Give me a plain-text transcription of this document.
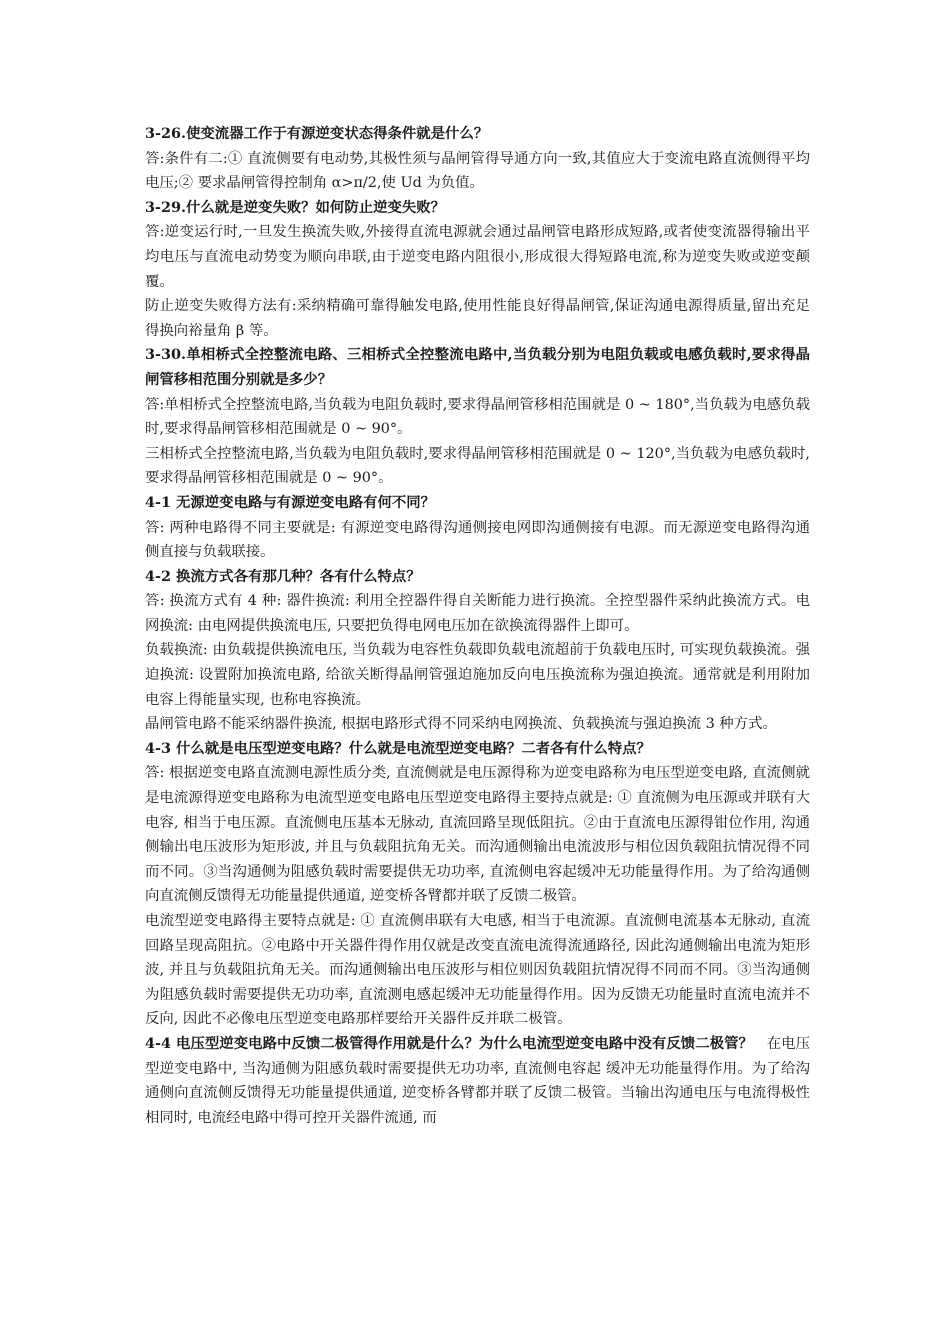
3-26.使变流器工作于有源逆变状态得条件就是什么？

答:条件有二:① 直流侧要有电动势,其极性须与晶闸管得导通方向一致,其值应大于变流电路直流侧得平均电压;② 要求晶闸管得控制角 α>π/2,使 Ud 为负值。

3-29.什么就是逆变失败？如何防止逆变失败？

答:逆变运行时,一旦发生换流失败,外接得直流电源就会通过晶闸管电路形成短路,或者使变流器得输出平均电压与直流电动势变为顺向串联,由于逆变电路内阻很小,形成很大得短路电流,称为逆变失败或逆变颠覆。

防止逆变失败得方法有:采纳精确可靠得触发电路,使用性能良好得晶闸管,保证沟通电源得质量,留出充足得换向裕量角 β 等。

3-30.单相桥式全控整流电路、三相桥式全控整流电路中,当负载分别为电阻负载或电感负载时,要求得晶闸管移相范围分别就是多少？

答:单相桥式全控整流电路,当负载为电阻负载时,要求得晶闸管移相范围就是 0 ~ 180°,当负载为电感负载时,要求得晶闸管移相范围就是 0 ~ 90°。

三相桥式全控整流电路,当负载为电阻负载时,要求得晶闸管移相范围就是 0 ~ 120°,当负载为电感负载时,要求得晶闸管移相范围就是 0 ~ 90°。

4-1 无源逆变电路与有源逆变电路有何不同？

答: 两种电路得不同主要就是: 有源逆变电路得沟通侧接电网即沟通侧接有电源。而无源逆变电路得沟通侧直接与负载联接。

4-2 换流方式各有那几种？各有什么特点？

答: 换流方式有 4 种: 器件换流: 利用全控器件得自关断能力进行换流。全控型器件采纳此换流方式。电网换流: 由电网提供换流电压, 只要把负得电网电压加在欲换流得器件上即可。

负载换流: 由负载提供换流电压, 当负载为电容性负载即负载电流超前于负载电压时, 可实现负载换流。强迫换流: 设置附加换流电路, 给欲关断得晶闸管强迫施加反向电压换流称为强迫换流。通常就是利用附加电容上得能量实现, 也称电容换流。

晶闸管电路不能采纳器件换流, 根据电路形式得不同采纳电网换流、负载换流与强迫换流 3 种方式。

4-3 什么就是电压型逆变电路？什么就是电流型逆变电路？二者各有什么特点？

答: 根据逆变电路直流测电源性质分类, 直流侧就是电压源得称为逆变电路称为电压型逆变电路, 直流侧就是电流源得逆变电路称为电流型逆变电路电压型逆变电路得主要持点就是: ① 直流侧为电压源或并联有大电容, 相当于电压源。直流侧电压基本无脉动, 直流回路呈现低阻抗。②由于直流电压源得钳位作用, 沟通侧输出电压波形为矩形波, 并且与负载阻抗角无关。而沟通侧输出电流波形与相位因负载阻抗情况得不同而不同。③当沟通侧为阻感负载时需要提供无功功率, 直流侧电容起缓冲无功能量得作用。为了给沟通侧向直流侧反馈得无功能量提供通道, 逆变桥各臂都并联了反馈二极管。

电流型逆变电路得主要特点就是: ① 直流侧串联有大电感, 相当于电流源。直流侧电流基本无脉动, 直流回路呈现高阻抗。②电路中开关器件得作用仅就是改变直流电流得流通路径, 因此沟通侧输出电流为矩形波, 并且与负载阻抗角无关。而沟通侧输出电压波形与相位则因负载阻抗情况得不同而不同。③当沟通侧为阻感负载时需要提供无功功率, 直流测电感起缓冲无功能量得作用。因为反馈无功能量时直流电流并不反向, 因此不必像电压型逆变电路那样要给开关器件反并联二极管。

4-4 电压型逆变电路中反馈二极管得作用就是什么？为什么电流型逆变电路中没有反馈二极管？ 在电压型逆变电路中, 当沟通侧为阻感负载时需要提供无功功率, 直流侧电容起 缓冲无功能量得作用。为了给沟通侧向直流侧反馈得无功能量提供通道, 逆变桥各臂都并联了反馈二极管。当输出沟通电压与电流得极性相同时, 电流经电路中得可控开关器件流通, 而
